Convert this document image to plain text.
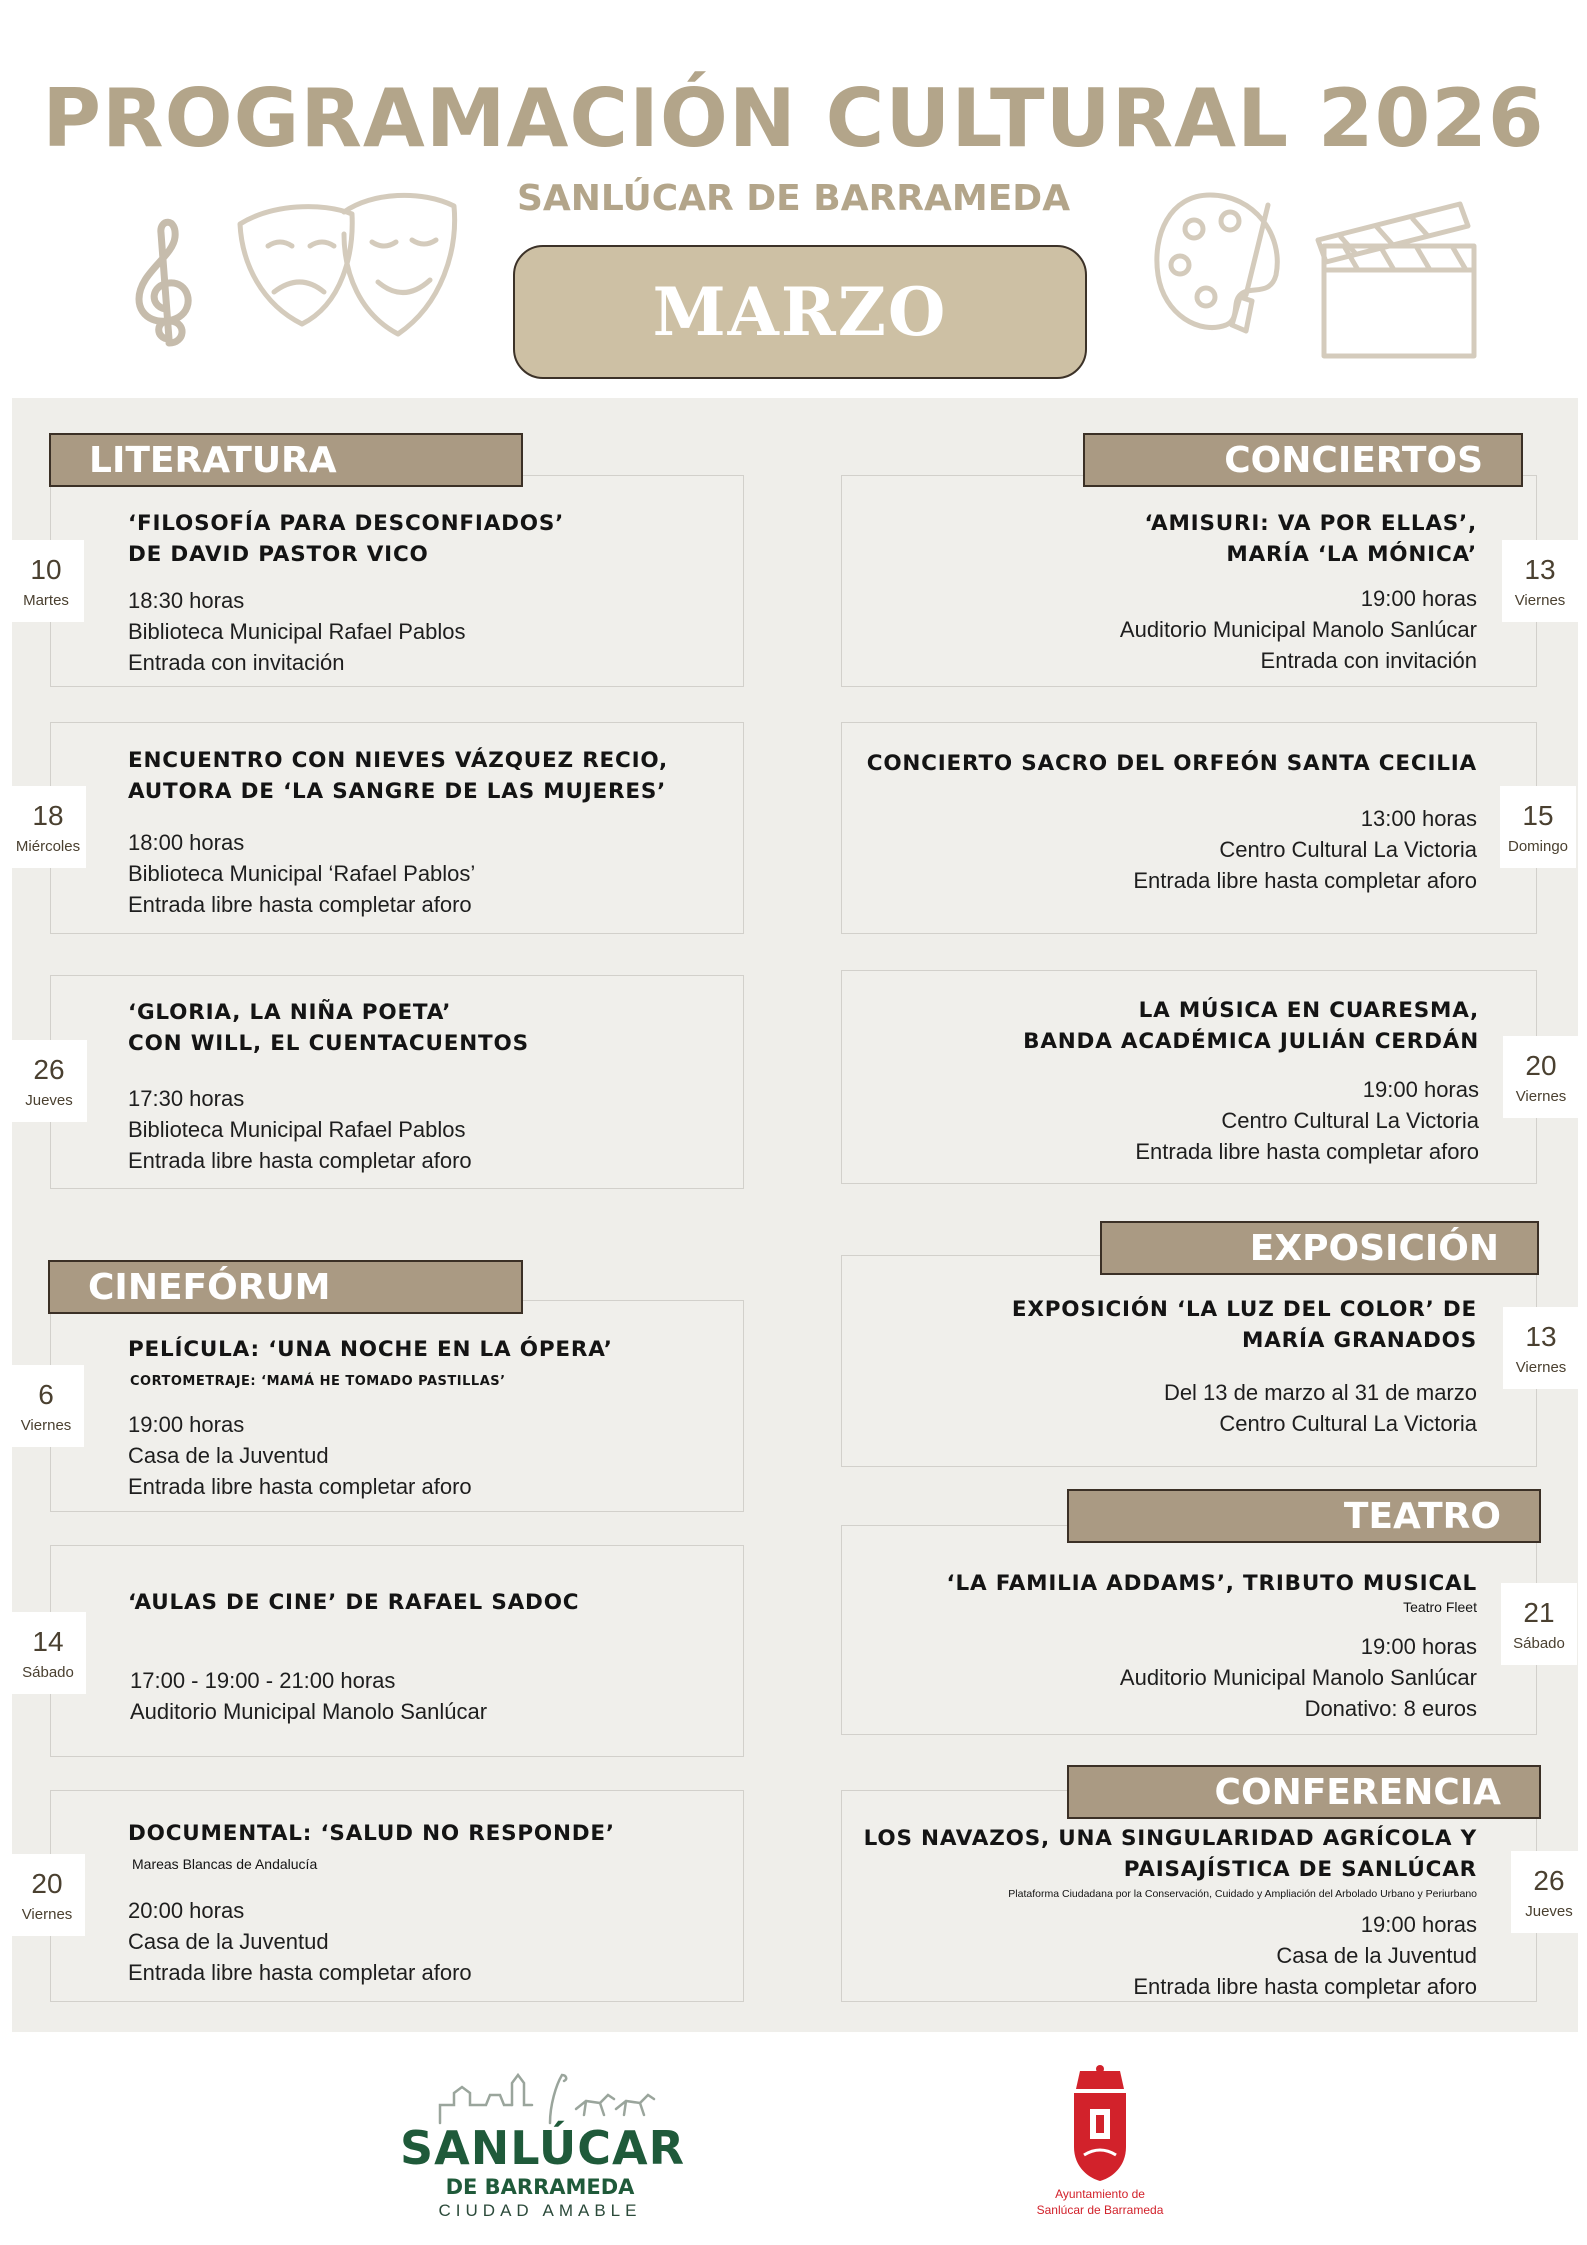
PROGRAMACIÓN CULTURAL 2026
SANLÚCAR DE BARRAMEDA
MARZO
LITERATURA
‘FILOSOFÍA PARA DESCONFIADOS’
DE DAVID PASTOR VICO
18:30 horas
Biblioteca Municipal Rafael Pablos
Entrada con invitación
10
Martes
ENCUENTRO CON NIEVES VÁZQUEZ RECIO,
AUTORA DE ‘LA SANGRE DE LAS MUJERES’
18:00 horas
Biblioteca Municipal ‘Rafael Pablos’
Entrada libre hasta completar aforo
18
Miércoles
‘GLORIA, LA NIÑA POETA’
CON WILL, EL CUENTACUENTOS
17:30 horas
Biblioteca Municipal Rafael Pablos
Entrada libre hasta completar aforo
26
Jueves
CINEFÓRUM
PELÍCULA: ‘UNA NOCHE EN LA ÓPERA’
CORTOMETRAJE: ‘MAMÁ HE TOMADO PASTILLAS’
19:00 horas
Casa de la Juventud
Entrada libre hasta completar aforo
6
Viernes
‘AULAS DE CINE’ DE RAFAEL SADOC
17:00 - 19:00 - 21:00 horas
Auditorio Municipal Manolo Sanlúcar
14
Sábado
DOCUMENTAL: ‘SALUD NO RESPONDE’
Mareas Blancas de Andalucía
20:00 horas
Casa de la Juventud
Entrada libre hasta completar aforo
20
Viernes
CONCIERTOS
‘AMISURI: VA POR ELLAS’,
MARÍA ‘LA MÓNICA’
19:00 horas
Auditorio Municipal Manolo Sanlúcar
Entrada con invitación
13
Viernes
CONCIERTO SACRO DEL ORFEÓN SANTA CECILIA
13:00 horas
Centro Cultural La Victoria
Entrada libre hasta completar aforo
15
Domingo
LA MÚSICA EN CUARESMA,
BANDA ACADÉMICA JULIÁN CERDÁN
19:00 horas
Centro Cultural La Victoria
Entrada libre hasta completar aforo
20
Viernes
EXPOSICIÓN
EXPOSICIÓN ‘LA LUZ DEL COLOR’ DE
MARÍA GRANADOS
Del 13 de marzo al 31 de marzo
Centro Cultural La Victoria
13
Viernes
TEATRO
‘LA FAMILIA ADDAMS’, TRIBUTO MUSICAL
Teatro Fleet
19:00 horas
Auditorio Municipal Manolo Sanlúcar
Donativo: 8 euros
21
Sábado
CONFERENCIA
LOS NAVAZOS, UNA SINGULARIDAD AGRÍCOLA Y
PAISAJÍSTICA DE SANLÚCAR
Plataforma Ciudadana por la Conservación, Cuidado y Ampliación del Arbolado Urbano y Periurbano
19:00 horas
Casa de la Juventud
Entrada libre hasta completar aforo
26
Jueves
SANLÚCAR
DE BARRAMEDA
CIUDAD AMABLE
Ayuntamiento de
Sanlúcar de Barrameda
